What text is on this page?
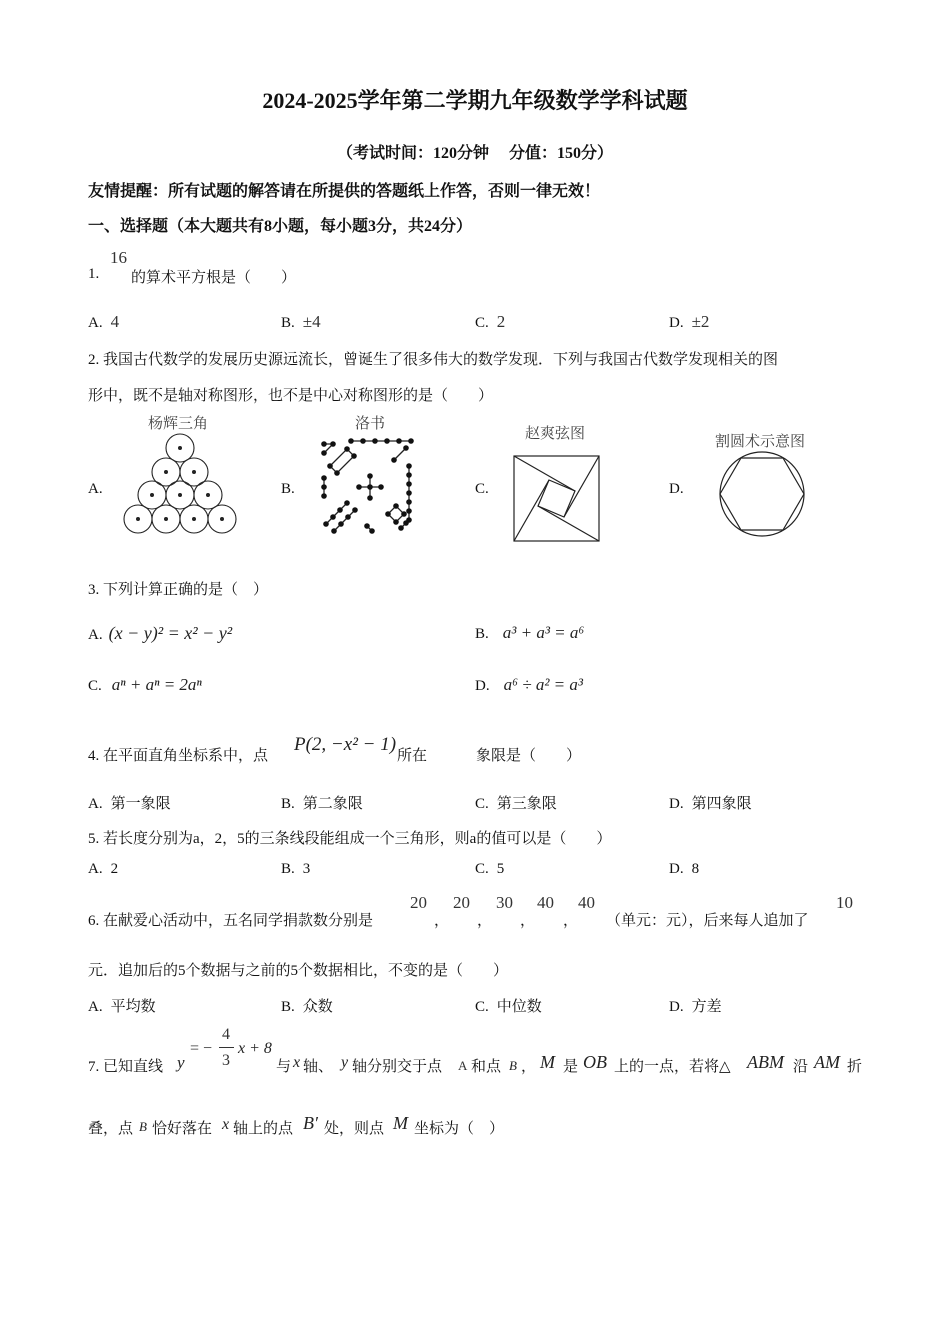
2024-2025学年第二学期九年级数学学科试题
（考试时间：120分钟　 分值：150分）
友情提醒：所有试题的解答请在所提供的答题纸上作答，否则一律无效！
一、选择题（本大题共有8小题，每小题3分，共24分）
1.
16
的算术平方根是（　　）
A. 4	B. ±4	C. 2	D. ±2
2. 我国古代数学的发展历史源远流长，曾诞生了很多伟大的数学发现．下列与我国古代数学发现相关的图
形中，既不是轴对称图形，也不是中心对称图形的是（　　）
A.
杨辉三角
B.
洛书
C.
赵爽弦图
D.
割圆术示意图
3. 下列计算正确的是（　）
A. (x − y)² = x² − y²	B. a³ + a³ = a⁶
C. aⁿ + aⁿ = 2aⁿ	D. a⁶ ÷ a² = a³
4. 在平面直角坐标系中，点
P(2, −x² − 1)
所在	象限是（　　）
A. 第一象限	B. 第二象限	C. 第三象限	D. 第四象限
5. 若长度分别为a，2，5的三条线段能组成一个三角形，则a的值可以是（　　）
A. 2	B. 3	C. 5	D. 8
6. 在献爱心活动中，五名同学捐款数分别是
20
，
20
，
30
，
40
，
40
（单元：元），后来每人追加了
10
元．追加后的5个数据与之前的5个数据相比，不变的是（　　）
A. 平均数	B. 众数	C. 中位数	D. 方差
7. 已知直线 y
= −
4
3
x + 8
与 x 轴、 y 轴分别交于点 A 和点 B ， M 是 OB 上的一点，若将△ ABM 沿 AM 折
叠，点 B 恰好落在 x 轴上的点 B′ 处，则点 M 坐标为（　）
